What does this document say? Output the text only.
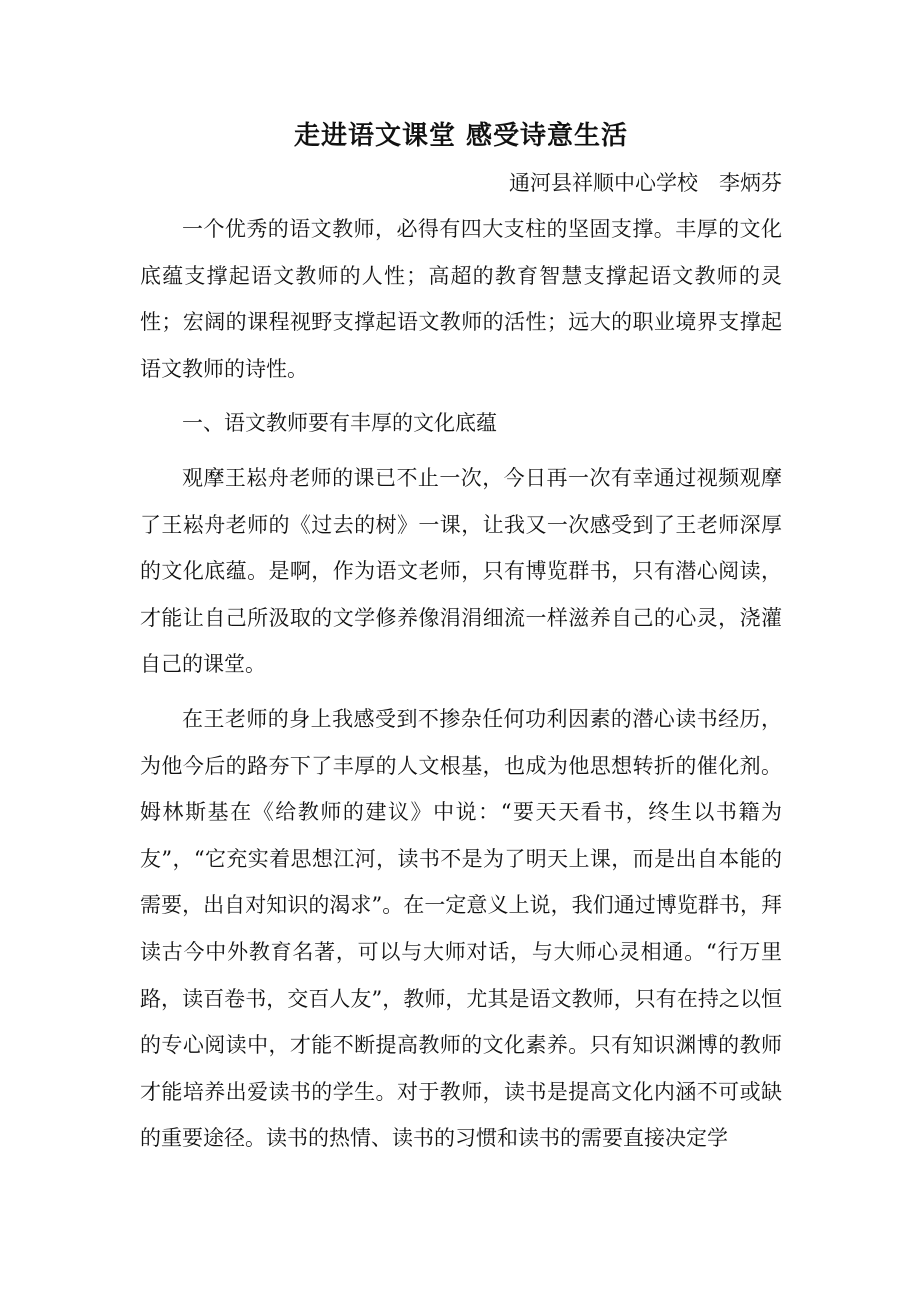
走进语文课堂 感受诗意生活

通河县祥顺中心学校　李炳芬

一个优秀的语文教师，必得有四大支柱的坚固支撑。丰厚的文化底蕴支撑起语文教师的人性；高超的教育智慧支撑起语文教师的灵性；宏阔的课程视野支撑起语文教师的活性；远大的职业境界支撑起语文教师的诗性。

一、语文教师要有丰厚的文化底蕴

观摩王崧舟老师的课已不止一次，今日再一次有幸通过视频观摩了王崧舟老师的《过去的树》一课，让我又一次感受到了王老师深厚的文化底蕴。是啊，作为语文老师，只有博览群书，只有潜心阅读，才能让自己所汲取的文学修养像涓涓细流一样滋养自己的心灵，浇灌自己的课堂。

在王老师的身上我感受到不掺杂任何功利因素的潜心读书经历，为他今后的路夯下了丰厚的人文根基，也成为他思想转折的催化剂。姆林斯基在《给教师的建议》中说：“要天天看书，终生以书籍为友”，“它充实着思想江河，读书不是为了明天上课，而是出自本能的需要，出自对知识的渴求”。在一定意义上说，我们通过博览群书，拜读古今中外教育名著，可以与大师对话，与大师心灵相通。“行万里路，读百卷书，交百人友”，教师，尤其是语文教师，只有在持之以恒的专心阅读中，才能不断提高教师的文化素养。只有知识渊博的教师才能培养出爱读书的学生。对于教师，读书是提高文化内涵不可或缺的重要途径。读书的热情、读书的习惯和读书的需要直接决定学
